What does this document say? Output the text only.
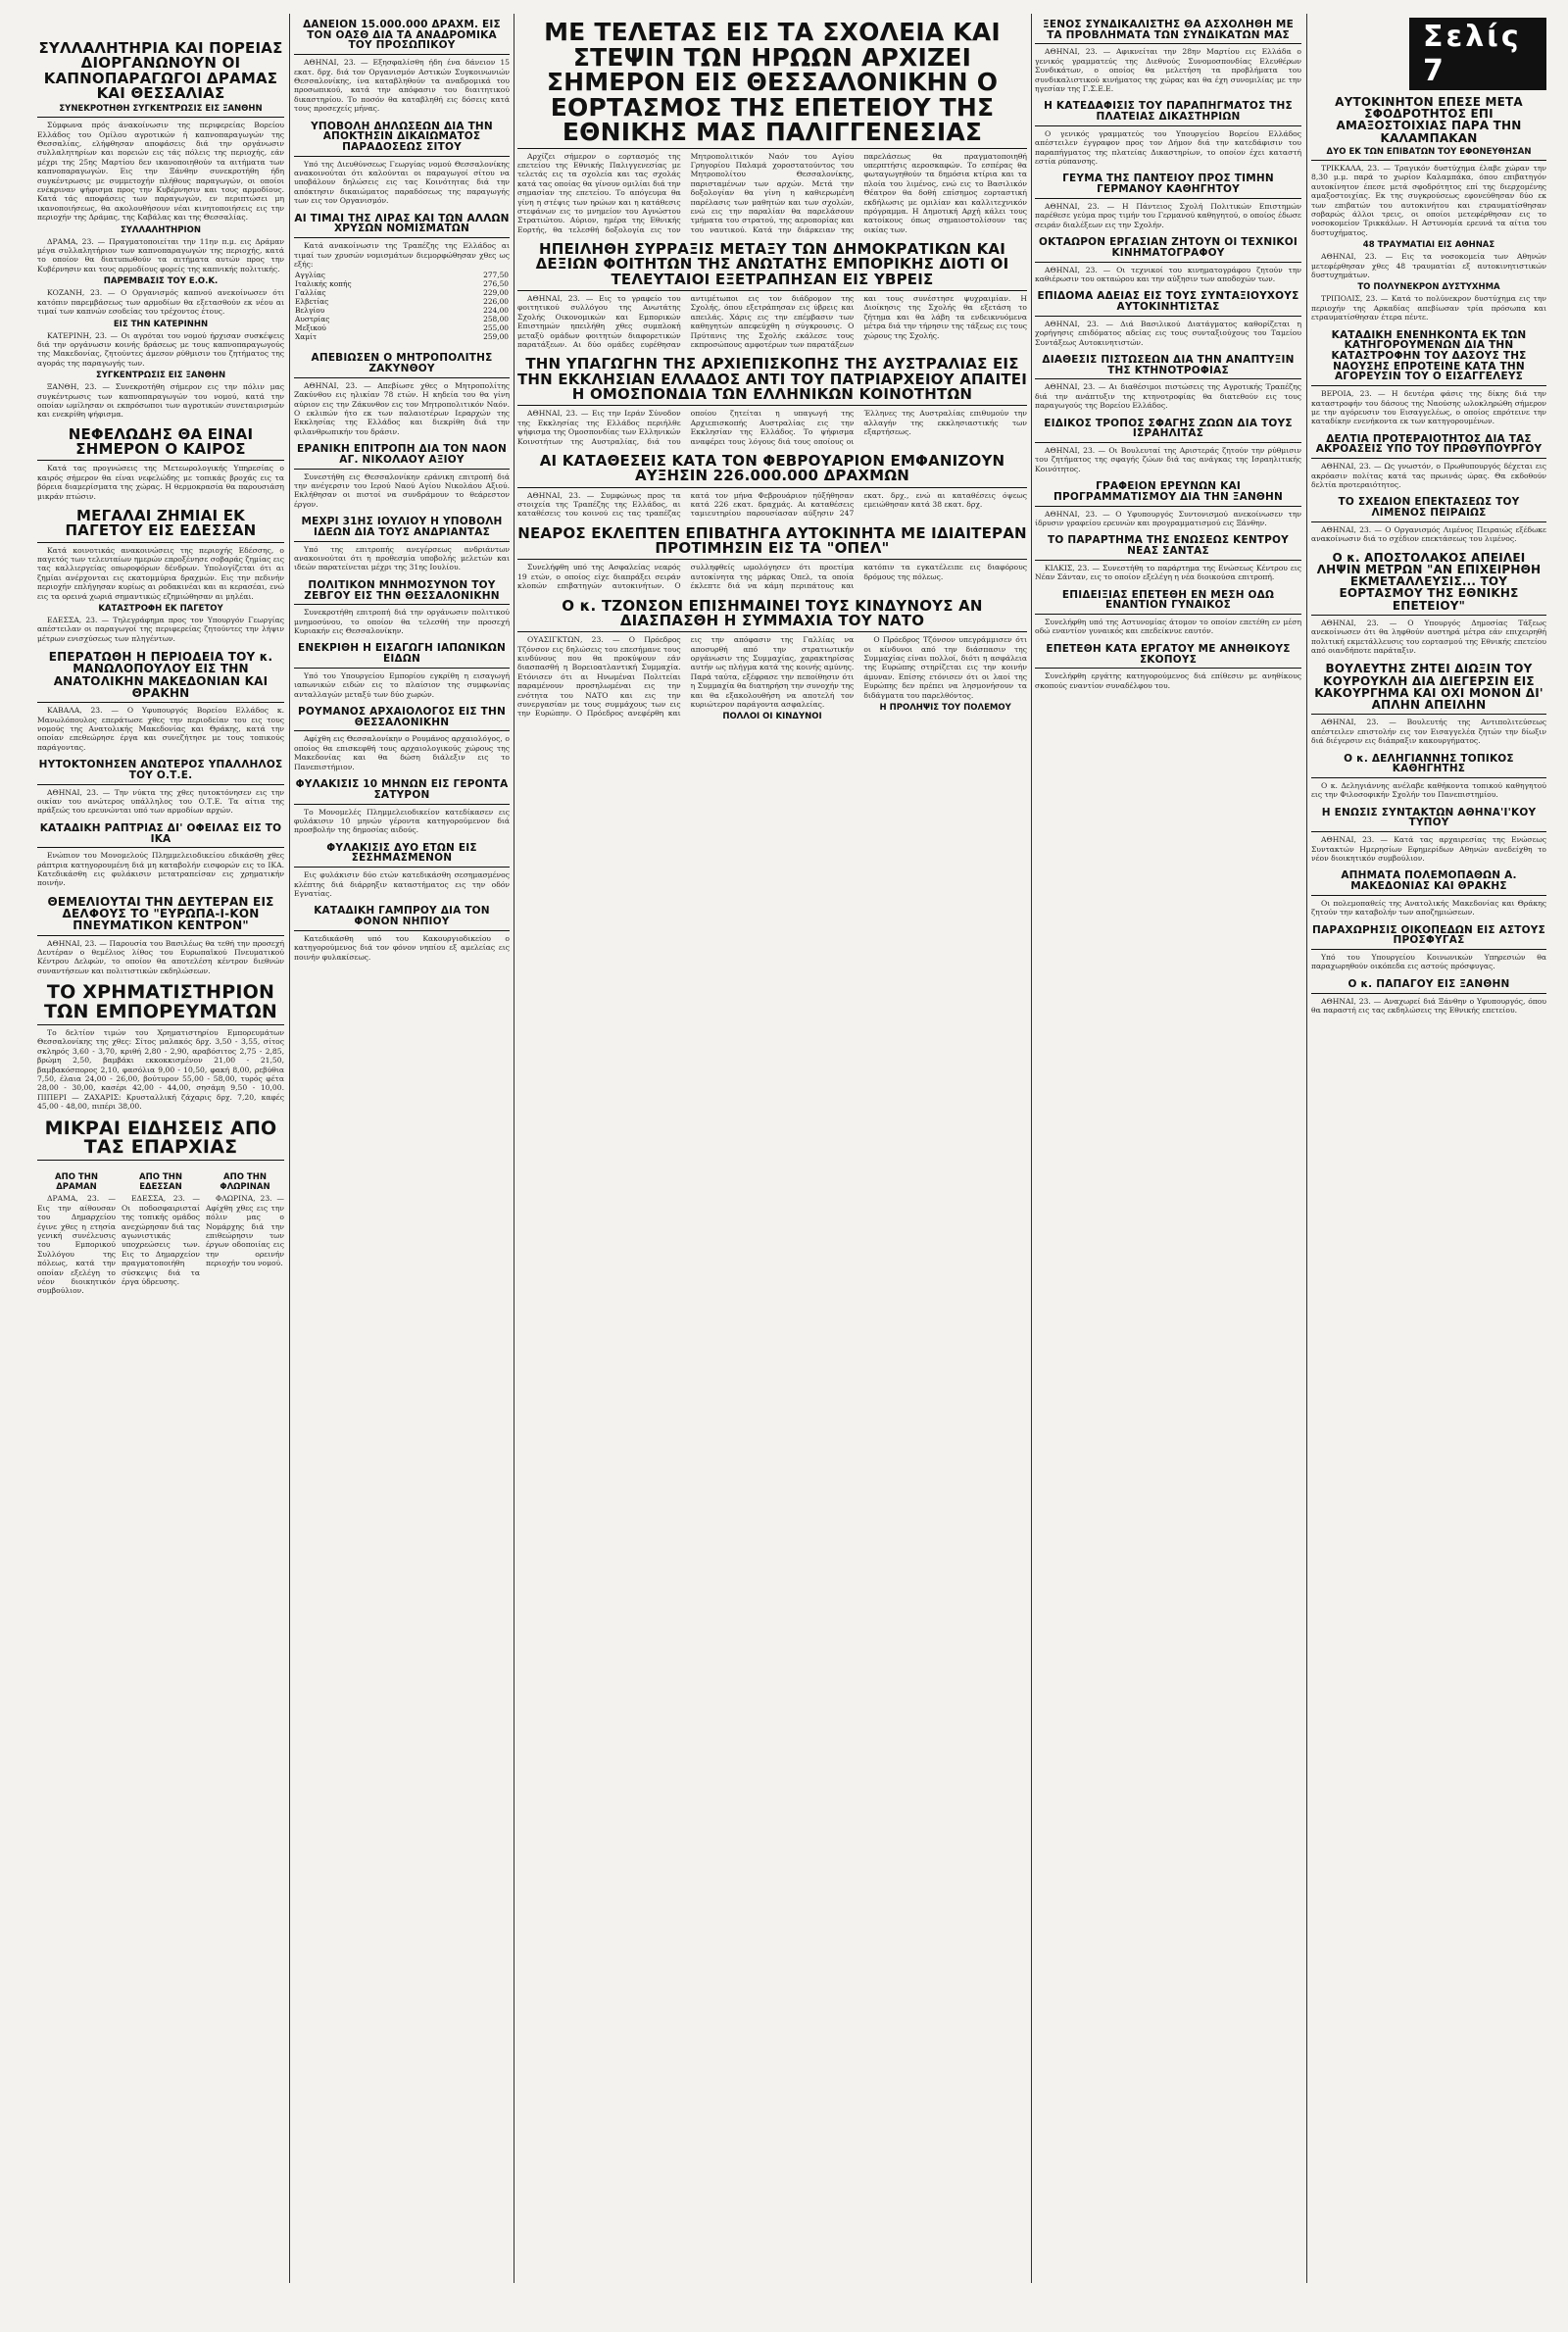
ΣΥΛΛΑΛΗΤΗΡΙΑ ΚΑΙ ΠΟΡΕΙΑΣ ΔΙΟΡΓΑΝΩΝΟΥΝ ΟΙ ΚΑΠΝΟΠΑΡΑΓΩΓΟΙ ΔΡΑΜΑΣ ΚΑΙ ΘΕΣΣΑΛΙΑΣ
ΣΥΝΕΚΡΟΤΗΘΗ ΣΥΓΚΕΝΤΡΩΣΙΣ ΕΙΣ ΞΑΝΘΗΝ

Σύμφωνα πρός άνακοίνωσιν της περιφερείας Βορείου Ελλάδος του Ομίλου αγροτικών ή καπνοπαραγωγών της Θεσσαλίας, ελήφθησαν αποφάσεις διά την οργάνωσιν συλλαλητηρίων και πορειών εις τάς πόλεις της περιοχής, εάν μέχρι της 25ης Μαρτίου δεν ικανοποιηθούν τα αιτήματα των καπνοπαραγωγών. Εις την Ξάνθην συνεκροτήθη ήδη συγκέντρωσις με συμμετοχήν πλήθους παραγωγών, οι οποίοι ενέκριναν ψήφισμα προς την Κυβέρνησιν και τους αρμοδίους. Κατά τάς αποφάσεις των παραγωγών, εν περιπτώσει μη ικανοποιήσεως, θα ακολουθήσουν νέαι κινητοποιήσεις εις την περιοχήν της Δράμας, της Καβάλας και της Θεσσαλίας.

ΣΥΛΛΑΛΗΤΗΡΙΟΝ

ΔΡΑΜΑ, 23. — Πραγματοποιείται την 11ην π.μ. εις Δράμαν μέγα συλλαλητήριον των καπνοπαραγωγών της περιοχής, κατά το οποίον θα διατυπωθούν τα αιτήματα αυτών προς την Κυβέρνησιν και τους αρμοδίους φορείς της καπνικής πολιτικής.

ΠΑΡΕΜΒΑΣΙΣ ΤΟΥ Ε.Ο.Κ.

ΚΟΖΑΝΗ, 23. — Ο Οργανισμός καπνού ανεκοίνωσεν ότι κατόπιν παρεμβάσεως των αρμοδίων θα εξετασθούν εκ νέου αι τιμαί των καπνών εσοδείας του τρέχοντος έτους.

ΕΙΣ ΤΗΝ ΚΑΤΕΡΙΝΗΝ

ΚΑΤΕΡΙΝΗ, 23. — Οι αγρόται του νομού ήρχισαν συσκέψεις διά την οργάνωσιν κοινής δράσεως με τους καπνοπαραγωγούς της Μακεδονίας, ζητούντες άμεσον ρύθμισιν του ζητήματος της αγοράς της παραγωγής των.

ΣΥΓΚΕΝΤΡΩΣΙΣ ΕΙΣ ΞΑΝΘΗΝ

ΞΑΝΘΗ, 23. — Συνεκροτήθη σήμερον εις την πόλιν μας συγκέντρωσις των καπνοπαραγωγών του νομού, κατά την οποίαν ωμίλησαν οι εκπρόσωποι των αγροτικών συνεταιρισμών και ενεκρίθη ψήφισμα.

ΝΕΦΕΛΩΔΗΣ ΘΑ ΕΙΝΑΙ ΣΗΜΕΡΟΝ Ο ΚΑΙΡΟΣ

Κατά τας προγνώσεις της Μετεωρολογικής Υπηρεσίας ο καιρός σήμερον θα είναι νεφελώδης με τοπικάς βροχάς εις τα βόρεια διαμερίσματα της χώρας. Η θερμοκρασία θα παρουσιάση μικράν πτώσιν.

ΜΕΓΑΛΑΙ ΖΗΜΙΑΙ ΕΚ ΠΑΓΕΤΟΥ ΕΙΣ ΕΔΕΣΣΑΝ

Κατά κοινοτικάς ανακοινώσεις της περιοχής Εδέσσης, ο παγετός των τελευταίων ημερών επροξένησε σοβαράς ζημίας εις τας καλλιεργείας οπωροφόρων δένδρων. Υπολογίζεται ότι αι ζημίαι ανέρχονται εις εκατομμύρια δραχμών. Εις την πεδινήν περιοχήν επλήγησαν κυρίως αι ροδακινέαι και αι κερασέαι, ενώ εις τα ορεινά χωριά σημαντικώς εζημιώθησαν αι μηλέαι.

ΚΑΤΑΣΤΡΟΦΗ ΕΚ ΠΑΓΕΤΟΥ

ΕΔΕΣΣΑ, 23. — Τηλεγράφημα προς τον Υπουργόν Γεωργίας απέστειλαν οι παραγωγοί της περιφερείας ζητούντες την λήψιν μέτρων ενισχύσεως των πληγέντων.

ΕΠΕΡΑΤΩΘΗ Η ΠΕΡΙΟΔΕΙΑ ΤΟΥ κ. ΜΑΝΩΛΟΠΟΥΛΟΥ ΕΙΣ ΤΗΝ ΑΝΑΤΟΛΙΚΗΝ ΜΑΚΕΔΟΝΙΑΝ ΚΑΙ ΘΡΑΚΗΝ

ΚΑΒΑΛΑ, 23. — Ο Υφυπουργός Βορείου Ελλάδος κ. Μανωλόπουλος επεράτωσε χθες την περιοδείαν του εις τους νομούς της Ανατολικής Μακεδονίας και Θράκης, κατά την οποίαν επεθεώρησε έργα και συνεζήτησε με τους τοπικούς παράγοντας.

ΗΥΤΟΚΤΟΝΗΣΕΝ ΑΝΩΤΕΡΟΣ ΥΠΑΛΛΗΛΟΣ ΤΟΥ Ο.Τ.Ε.

ΑΘΗΝΑΙ, 23. — Την νύκτα της χθες ηυτοκτόνησεν εις την οικίαν του ανώτερος υπάλληλος του Ο.Τ.Ε. Τα αίτια της πράξεώς του ερευνώνται υπό των αρμοδίων αρχών.

ΚΑΤΑΔΙΚΗ ΡΑΠΤΡΙΑΣ ΔΙ' ΟΦΕΙΛΑΣ ΕΙΣ ΤΟ ΙΚΑ

Ενώπιον του Μονομελούς Πλημμελειοδικείου εδικάσθη χθες ράπτρια κατηγορουμένη διά μη καταβολήν εισφορών εις το ΙΚΑ. Κατεδικάσθη εις φυλάκισιν μετατραπείσαν εις χρηματικήν ποινήν.

ΘΕΜΕΛΙΟΥΤΑΙ ΤΗΝ ΔΕΥΤΕΡΑΝ ΕΙΣ ΔΕΛΦΟΥΣ ΤΟ "ΕΥΡΩΠΑ-Ι-ΚΟΝ ΠΝΕΥΜΑΤΙΚΟΝ ΚΕΝΤΡΟΝ"

ΑΘΗΝΑΙ, 23. — Παρουσία του Βασιλέως θα τεθή την προσεχή Δευτέραν ο θεμέλιος λίθος του Ευρωπαϊκού Πνευματικού Κέντρου Δελφών, το οποίον θα αποτελέση κέντρον διεθνών συναντήσεων και πολιτιστικών εκδηλώσεων.

ΤΟ ΧΡΗΜΑΤΙΣΤΗΡΙΟΝ ΤΩΝ ΕΜΠΟΡΕΥΜΑΤΩΝ

Το δελτίον τιμών του Χρηματιστηρίου Εμπορευμάτων Θεσσαλονίκης της χθες: Σίτος μαλακός δρχ. 3,50 - 3,55, σίτος σκληρός 3,60 - 3,70, κριθή 2,80 - 2,90, αραβόσιτος 2,75 - 2,85, βρώμη 2,50, βαμβάκι εκκοκκισμένον 21,00 - 21,50, βαμβακόσπορος 2,10, φασόλια 9,00 - 10,50, φακή 8,00, ρεβύθια 7,50, έλαια 24,00 - 26,00, βούτυρον 55,00 - 58,00, τυρός φέτα 28,00 - 30,00, κασέρι 42,00 - 44,00, σησάμη 9,50 - 10,00. ΠΙΠΕΡΙ — ΖΑΧΑΡΙΣ: Κρυσταλλική ζάχαρις δρχ. 7,20, καφές 45,00 - 48,00, πιπέρι 38,00.

ΜΙΚΡΑΙ ΕΙΔΗΣΕΙΣ ΑΠΟ ΤΑΣ ΕΠΑΡΧΙΑΣ
ΑΠΟ ΤΗΝ ΔΡΑΜΑΝ

ΔΡΑΜΑ, 23. — Εις την αίθουσαν του Δημαρχείου έγινε χθες η ετησία γενική συνέλευσις του Εμπορικού Συλλόγου της πόλεως, κατά την οποίαν εξελέγη το νέον διοικητικόν συμβούλιον.

ΑΠΟ ΤΗΝ ΕΔΕΣΣΑΝ

ΕΔΕΣΣΑ, 23. — Οι ποδοσφαιρισταί της τοπικής ομάδος ανεχώρησαν διά τας αγωνιστικάς υποχρεώσεις των. Εις το Δημαρχείον πραγματοποιήθη σύσκεψις διά τα έργα ύδρευσης.

ΑΠΟ ΤΗΝ ΦΛΩΡΙΝΑΝ

ΦΛΩΡΙΝΑ, 23. — Αφίχθη χθες εις την πόλιν μας ο Νομάρχης διά την επιθεώρησιν των έργων οδοποιίας εις την ορεινήν περιοχήν του νομού.

ΔΑΝΕΙΟΝ 15.000.000 ΔΡΑΧΜ. ΕΙΣ ΤΟΝ ΟΑΣΘ ΔΙΑ ΤΑ ΑΝΑΔΡΟΜΙΚΑ ΤΟΥ ΠΡΟΣΩΠΙΚΟΥ

ΑΘΗΝΑΙ, 23. — Εξησφαλίσθη ήδη ένα δάνειον 15 εκατ. δρχ. διά τον Οργανισμόν Αστικών Συγκοινωνιών Θεσσαλονίκης, ίνα καταβληθούν τα αναδρομικά του προσωπικού, κατά την απόφασιν του διαιτητικού δικαστηρίου. Το ποσόν θα καταβληθή εις δόσεις κατά τους προσεχείς μήνας.

ΥΠΟΒΟΛΗ ΔΗΛΩΣΕΩΝ ΔΙΑ ΤΗΝ ΑΠΟΚΤΗΣΙΝ ΔΙΚΑΙΩΜΑΤΟΣ ΠΑΡΑΔΟΣΕΩΣ ΣΙΤΟΥ

Υπό της Διευθύνσεως Γεωργίας νομού Θεσσαλονίκης ανακοινούται ότι καλούνται οι παραγωγοί σίτου να υποβάλουν δηλώσεις εις τας Κοινότητας διά την απόκτησιν δικαιώματος παραδόσεως της παραγωγής των εις τον Οργανισμόν.

ΑΙ ΤΙΜΑΙ ΤΗΣ ΛΙΡΑΣ ΚΑΙ ΤΩΝ ΑΛΛΩΝ ΧΡΥΣΩΝ ΝΟΜΙΣΜΑΤΩΝ

Κατά ανακοίνωσιν της Τραπέζης της Ελλάδος αι τιμαί των χρυσών νομισμάτων διεμορφώθησαν χθες ως εξής:

Αγγλίας	277,50
Ιταλικής κοπής	276,50
Γαλλίας	229,00
Ελβετίας	226,00
Βελγίου	224,00
Αυστρίας	258,00
Μεξικού	255,00
Χαμίτ	259,00
ΑΠΕΒΙΩΣΕΝ Ο ΜΗΤΡΟΠΟΛΙΤΗΣ ΖΑΚΥΝΘΟΥ

ΑΘΗΝΑΙ, 23. — Απεβίωσε χθες ο Μητροπολίτης Ζακύνθου εις ηλικίαν 78 ετών. Η κηδεία του θα γίνη αύριον εις την Ζάκυνθον εις τον Μητροπολιτικόν Ναόν. Ο εκλιπών ήτο εκ των παλαιοτέρων Ιεραρχών της Εκκλησίας της Ελλάδος και διεκρίθη διά την φιλανθρωπικήν του δράσιν.

ΕΡΑΝΙΚΗ ΕΠΙΤΡΟΠΗ ΔΙΑ ΤΟΝ ΝΑΟΝ ΑΓ. ΝΙΚΟΛΑΟΥ ΑΞΙΟΥ

Συνεστήθη εις Θεσσαλονίκην εράνικη επιτροπή διά την ανέγερσιν του Ιερού Ναού Αγίου Νικολάου Αξιού. Εκλήθησαν οι πιστοί να συνδράμουν το θεάρεστον έργον.

ΜΕΧΡΙ 31ΗΣ ΙΟΥΛΙΟΥ Η ΥΠΟΒΟΛΗ ΙΔΕΩΝ ΔΙΑ ΤΟΥΣ ΑΝΔΡΙΑΝΤΑΣ

Υπό της επιτροπής ανεγέρσεως ανδριάντων ανακοινούται ότι η προθεσμία υποβολής μελετών και ιδεών παρατείνεται μέχρι της 31ης Ιουλίου.

ΠΟΛΙΤΙΚΟΝ ΜΝΗΜΟΣΥΝΟΝ ΤΟΥ ΖΕΒΓΟΥ ΕΙΣ ΤΗΝ ΘΕΣΣΑΛΟΝΙΚΗΝ

Συνεκροτήθη επιτροπή διά την οργάνωσιν πολιτικού μνημοσύνου, το οποίον θα τελεσθή την προσεχή Κυριακήν εις Θεσσαλονίκην.

ΕΝΕΚΡΙΘΗ Η ΕΙΣΑΓΩΓΗ ΙΑΠΩΝΙΚΩΝ ΕΙΔΩΝ

Υπό του Υπουργείου Εμπορίου εγκρίθη η εισαγωγή ιαπωνικών ειδών εις το πλαίσιον της συμφωνίας ανταλλαγών μεταξύ των δύο χωρών.

ΡΟΥΜΑΝΟΣ ΑΡΧΑΙΟΛΟΓΟΣ ΕΙΣ ΤΗΝ ΘΕΣΣΑΛΟΝΙΚΗΝ

Αφίχθη εις Θεσσαλονίκην ο Ρουμάνος αρχαιολόγος, ο οποίος θα επισκεφθή τους αρχαιολογικούς χώρους της Μακεδονίας και θα δώση διάλεξιν εις το Πανεπιστήμιον.

ΦΥΛΑΚΙΣΙΣ 10 ΜΗΝΩΝ ΕΙΣ ΓΕΡΟΝΤΑ ΣΑΤΥΡΟΝ

Το Μονομελές Πλημμελειοδικείον κατεδίκασεν εις φυλάκισιν 10 μηνών γέροντα κατηγορούμενον διά προσβολήν της δημοσίας αιδούς.

ΦΥΛΑΚΙΣΙΣ ΔΥΟ ΕΤΩΝ ΕΙΣ ΣΕΣΗΜΑΣΜΕΝΟΝ

Εις φυλάκισιν δύο ετών κατεδικάσθη σεσημασμένος κλέπτης διά διάρρηξιν καταστήματος εις την οδόν Εγνατίας.

ΚΑΤΑΔΙΚΗ ΓΑΜΠΡΟΥ ΔΙΑ ΤΟΝ ΦΟΝΟΝ ΝΗΠΙΟΥ

Κατεδικάσθη υπό του Κακουργιοδικείου ο κατηγορούμενος διά τον φόνον νηπίου εξ αμελείας εις ποινήν φυλακίσεως.

ΜΕ ΤΕΛΕΤΑΣ ΕΙΣ ΤΑ ΣΧΟΛΕΙΑ ΚΑΙ ΣΤΕΨΙΝ ΤΩΝ ΗΡΩΩΝ ΑΡΧΙΖΕΙ ΣΗΜΕΡΟΝ ΕΙΣ ΘΕΣΣΑΛΟΝΙΚΗΝ Ο ΕΟΡΤΑΣΜΟΣ ΤΗΣ ΕΠΕΤΕΙΟΥ ΤΗΣ ΕΘΝΙΚΗΣ ΜΑΣ ΠΑΛΙΓΓΕΝΕΣΙΑΣ

Αρχίζει σήμερον ο εορτασμός της επετείου της Εθνικής Παλιγγενεσίας με τελετάς εις τα σχολεία και τας σχολάς κατά τας οποίας θα γίνουν ομιλίαι διά την σημασίαν της επετείου. Το απόγευμα θα γίνη η στέψις των ηρώων και η κατάθεσις στεφάνων εις το μνημείον του Αγνώστου Στρατιώτου. Αύριον, ημέρα της Εθνικής Εορτής, θα τελεσθή δοξολογία εις τον Μητροπολιτικόν Ναόν του Αγίου Γρηγορίου Παλαμά χοροστατούντος του Μητροπολίτου Θεσσαλονίκης, παρισταμένων των αρχών. Μετά την δοξολογίαν θα γίνη η καθιερωμένη παρέλασις των μαθητών και των σχολών, ενώ εις την παραλίαν θα παρελάσουν τμήματα του στρατού, της αεροπορίας και του ναυτικού. Κατά την διάρκειαν της παρελάσεως θα πραγματοποιηθή υπερπτήσις αεροσκαφών. Το εσπέρας θα φωταγωγηθούν τα δημόσια κτίρια και τα πλοία του λιμένος, ενώ εις το Βασιλικόν Θέατρον θα δοθή επίσημος εορταστική εκδήλωσις με ομιλίαν και καλλιτεχνικόν πρόγραμμα. Η Δημοτική Αρχή κάλει τους κατοίκους όπως σημαιοστολίσουν τας οικίας των.

ΗΠΕΙΛΗΘΗ ΣΥΡΡΑΞΙΣ ΜΕΤΑΞΥ ΤΩΝ ΔΗΜΟΚΡΑΤΙΚΩΝ ΚΑΙ ΔΕΞΙΩΝ ΦΟΙΤΗΤΩΝ ΤΗΣ ΑΝΩΤΑΤΗΣ ΕΜΠΟΡΙΚΗΣ ΔΙΟΤΙ ΟΙ ΤΕΛΕΥΤΑΙΟΙ ΕΞΕΤΡΑΠΗΣΑΝ ΕΙΣ ΥΒΡΕΙΣ

ΑΘΗΝΑΙ, 23. — Εις το γραφείο του φοιτητικού συλλόγου της Ανωτάτης Σχολής Οικονομικών και Εμπορικών Επιστημών ηπειλήθη χθες συμπλοκή μεταξύ ομάδων φοιτητών διαφορετικών παρατάξεων. Αι δύο ομάδες ευρέθησαν αντιμέτωποι εις τον διάδρομον της Σχολής, όπου εξετράπησαν εις ύβρεις και απειλάς. Χάρις εις την επέμβασιν των καθηγητών απεφεύχθη η σύγκρουσις. Ο Πρύτανις της Σχολής εκάλεσε τους εκπροσώπους αμφοτέρων των παρατάξεων και τους συνέστησε ψυχραιμίαν. Η Διοίκησις της Σχολής θα εξετάση το ζήτημα και θα λάβη τα ενδεικνυόμενα μέτρα διά την τήρησιν της τάξεως εις τους χώρους της Σχολής.

ΤΗΝ ΥΠΑΓΩΓΗΝ ΤΗΣ ΑΡΧΙΕΠΙΣΚΟΠΗΣ ΤΗΣ ΑΥΣΤΡΑΛΙΑΣ ΕΙΣ ΤΗΝ ΕΚΚΛΗΣΙΑΝ ΕΛΛΑΔΟΣ ΑΝΤΙ ΤΟΥ ΠΑΤΡΙΑΡΧΕΙΟΥ ΑΠΑΙΤΕΙ Η ΟΜΟΣΠΟΝΔΙΑ ΤΩΝ ΕΛΛΗΝΙΚΩΝ ΚΟΙΝΟΤΗΤΩΝ

ΑΘΗΝΑΙ, 23. — Εις την Ιεράν Σύνοδον της Εκκλησίας της Ελλάδος περιήλθε ψήφισμα της Ομοσπονδίας των Ελληνικών Κοινοτήτων της Αυστραλίας, διά του οποίου ζητείται η υπαγωγή της Αρχιεπισκοπής Αυστραλίας εις την Εκκλησίαν της Ελλάδος. Το ψήφισμα αναφέρει τους λόγους διά τους οποίους οι Έλληνες της Αυστραλίας επιθυμούν την αλλαγήν της εκκλησιαστικής των εξαρτήσεως.

ΑΙ ΚΑΤΑΘΕΣΕΙΣ ΚΑΤΑ ΤΟΝ ΦΕΒΡΟΥΑΡΙΟΝ ΕΜΦΑΝΙΖΟΥΝ ΑΥΞΗΣΙΝ 226.000.000 ΔΡΑΧΜΩΝ

ΑΘΗΝΑΙ, 23. — Συμφώνως προς τα στοιχεία της Τραπέζης της Ελλάδος, αι καταθέσεις του κοινού εις τας τραπέζας κατά τον μήνα Φεβρουάριον ηύξήθησαν κατά 226 εκατ. δραχμάς. Αι καταθέσεις ταμιευτηρίου παρουσίασαν αύξησιν 247 εκατ. δρχ., ενώ αι καταθέσεις όψεως εμειώθησαν κατά 38 εκατ. δρχ.

ΝΕΑΡΟΣ ΕΚΛΕΠΤΕΝ ΕΠΙΒΑΤΗΓΑ ΑΥΤΟΚΙΝΗΤΑ ΜΕ ΙΔΙΑΙΤΕΡΑΝ ΠΡΟΤΙΜΗΣΙΝ ΕΙΣ ΤΑ "ΟΠΕΛ"

Συνελήφθη υπό της Ασφαλείας νεαρός 19 ετών, ο οποίος είχε διαπράξει σειράν κλοπών επιβατηγών αυτοκινήτων. Ο συλληφθείς ωμολόγησεν ότι προετίμα αυτοκίνητα της μάρκας Όπελ, τα οποία έκλεπτε διά να κάμη περιπάτους και κατόπιν τα εγκατέλειπε εις διαφόρους δρόμους της πόλεως.

Ο κ. ΤΖΟΝΣΟΝ ΕΠΙΣΗΜΑΙΝΕΙ ΤΟΥΣ ΚΙΝΔΥΝΟΥΣ ΑΝ ΔΙΑΣΠΑΣΘΗ Η ΣΥΜΜΑΧΙΑ ΤΟΥ ΝΑΤΟ

ΟΥΑΣΙΓΚΤΩΝ, 23. — Ο Πρόεδρος Τζόνσον εις δηλώσεις του επεσήμανε τους κινδύνους που θα προκύψουν εάν διασπασθή η Βορειοατλαντική Συμμαχία. Ετόνισεν ότι αι Ηνωμέναι Πολιτείαι παραμένουν προσηλωμέναι εις την ενότητα του ΝΑΤΟ και εις την συνεργασίαν με τους συμμάχους των εις την Ευρώπην. Ο Πρόεδρος ανεφέρθη και εις την απόφασιν της Γαλλίας να αποσυρθή από την στρατιωτικήν οργάνωσιν της Συμμαχίας, χαρακτηρίσας αυτήν ως πλήγμα κατά της κοινής αμύνης. Παρά ταύτα, εξέφρασε την πεποίθησιν ότι η Συμμαχία θα διατηρήση την συνοχήν της και θα εξακολουθήση να αποτελή τον κυριώτερον παράγοντα ασφαλείας.

ΠΟΛΛΟΙ ΟΙ ΚΙΝΔΥΝΟΙ

Ο Πρόεδρος Τζόνσον υπεγράμμισεν ότι οι κίνδυνοι από την διάσπασιν της Συμμαχίας είναι πολλοί, διότι η ασφάλεια της Ευρώπης στηρίζεται εις την κοινήν άμυναν. Επίσης ετόνισεν ότι οι λαοί της Ευρώπης δεν πρέπει να λησμονήσουν τα διδάγματα του παρελθόντος.

Η ΠΡΟΛΗΨΙΣ ΤΟΥ ΠΟΛΕΜΟΥ
ΞΕΝΟΣ ΣΥΝΔΙΚΑΛΙΣΤΗΣ ΘΑ ΑΣΧΟΛΗΘΗ ΜΕ ΤΑ ΠΡΟΒΛΗΜΑΤΑ ΤΩΝ ΣΥΝΔΙΚΑΤΩΝ ΜΑΣ

ΑΘΗΝΑΙ, 23. — Αφικνείται την 28ην Μαρτίου εις Ελλάδα ο γενικός γραμματεύς της Διεθνούς Συνομοσπονδίας Ελευθέρων Συνδικάτων, ο οποίος θα μελετήση τα προβλήματα του συνδικαλιστικού κινήματος της χώρας και θα έχη συνομιλίας με την ηγεσίαν της Γ.Σ.Ε.Ε.

Η ΚΑΤΕΔΑΦΙΣΙΣ ΤΟΥ ΠΑΡΑΠΗΓΜΑΤΟΣ ΤΗΣ ΠΛΑΤΕΙΑΣ ΔΙΚΑΣΤΗΡΙΩΝ

Ο γενικός γραμματεύς του Υπουργείου Βορείου Ελλάδος απέστειλεν έγγραφον προς τον Δήμον διά την κατεδάφισιν του παραπήγματος της πλατείας Δικαστηρίων, το οποίον έχει καταστή εστία ρύπανσης.

ΓΕΥΜΑ ΤΗΣ ΠΑΝΤΕΙΟΥ ΠΡΟΣ ΤΙΜΗΝ ΓΕΡΜΑΝΟΥ ΚΑΘΗΓΗΤΟΥ

ΑΘΗΝΑΙ, 23. — Η Πάντειος Σχολή Πολιτικών Επιστημών παρέθεσε γεύμα προς τιμήν του Γερμανού καθηγητού, ο οποίος έδωσε σειράν διαλέξεων εις την Σχολήν.

ΟΚΤΑΩΡΟΝ ΕΡΓΑΣΙΑΝ ΖΗΤΟΥΝ ΟΙ ΤΕΧΝΙΚΟΙ ΚΙΝΗΜΑΤΟΓΡΑΦΟΥ

ΑΘΗΝΑΙ, 23. — Οι τεχνικοί του κινηματογράφου ζητούν την καθιέρωσιν του οκταώρου και την αύξησιν των αποδοχών των.

ΕΠΙΔΟΜΑ ΑΔΕΙΑΣ ΕΙΣ ΤΟΥΣ ΣΥΝΤΑΞΙΟΥΧΟΥΣ ΑΥΤΟΚΙΝΗΤΙΣΤΑΣ

ΑΘΗΝΑΙ, 23. — Διά Βασιλικού Διατάγματος καθορίζεται η χορήγησις επιδόματος αδείας εις τους συνταξιούχους του Ταμείου Συντάξεως Αυτοκινητιστών.

ΔΙΑΘΕΣΙΣ ΠΙΣΤΩΣΕΩΝ ΔΙΑ ΤΗΝ ΑΝΑΠΤΥΞΙΝ ΤΗΣ ΚΤΗΝΟΤΡΟΦΙΑΣ

ΑΘΗΝΑΙ, 23. — Αι διαθέσιμοι πιστώσεις της Αγροτικής Τραπέζης διά την ανάπτυξιν της κτηνοτροφίας θα διατεθούν εις τους παραγωγούς της Βορείου Ελλάδος.

ΕΙΔΙΚΟΣ ΤΡΟΠΟΣ ΣΦΑΓΗΣ ΖΩΩΝ ΔΙΑ ΤΟΥΣ ΙΣΡΑΗΛΙΤΑΣ

ΑΘΗΝΑΙ, 23. — Οι Βουλευταί της Αριστεράς ζητούν την ρύθμισιν του ζητήματος της σφαγής ζώων διά τας ανάγκας της Ισραηλιτικής Κοινότητος.

ΓΡΑΦΕΙΟΝ ΕΡΕΥΝΩΝ ΚΑΙ ΠΡΟΓΡΑΜΜΑΤΙΣΜΟΥ ΔΙΑ ΤΗΝ ΞΑΝΘΗΝ

ΑΘΗΝΑΙ, 23. — Ο Υφυπουργός Συντονισμού ανεκοίνωσεν την ίδρυσιν γραφείου ερευνών και προγραμματισμού εις Ξάνθην.

ΤΟ ΠΑΡΑΡΤΗΜΑ ΤΗΣ ΕΝΩΣΕΩΣ ΚΕΝΤΡΟΥ ΝΕΑΣ ΣΑΝΤΑΣ

ΚΙΛΚΙΣ, 23. — Συνεστήθη το παράρτημα της Ενώσεως Κέντρου εις Νέαν Σάνταν, εις το οποίον εξελέγη η νέα διοικούσα επιτροπή.

ΕΠΙΔΕΙΞΙΑΣ ΕΠΕΤΕΘΗ ΕΝ ΜΕΣΗ ΟΔΩ ΕΝΑΝΤΙΟΝ ΓΥΝΑΙΚΟΣ

Συνελήφθη υπό της Αστυνομίας άτομον το οποίον επετέθη εν μέση οδώ εναντίον γυναικός και επεδείκνυε εαυτόν.

ΕΠΕΤΕΘΗ ΚΑΤΑ ΕΡΓΑΤΟΥ ΜΕ ΑΝΗΘΙΚΟΥΣ ΣΚΟΠΟΥΣ

Συνελήφθη εργάτης κατηγορούμενος διά επίθεσιν με ανηθίκους σκοπούς εναντίον συναδέλφου του.

Σελίς 7
ΑΥΤΟΚΙΝΗΤΟΝ ΕΠΕΣΕ ΜΕΤΑ ΣΦΟΔΡΟΤΗΤΟΣ ΕΠΙ ΑΜΑΞΟΣΤΟΙΧΙΑΣ ΠΑΡΑ ΤΗΝ ΚΑΛΑΜΠΑΚΑΝ
ΔΥΟ ΕΚ ΤΩΝ ΕΠΙΒΑΤΩΝ ΤΟΥ ΕΦΟΝΕΥΘΗΣΑΝ

ΤΡΙΚΚΑΛΑ, 23. — Τραγικόν δυστύχημα έλαβε χώραν την 8,30 μ.μ. παρά το χωρίον Καλαμπάκα, όπου επιβατηγόν αυτοκίνητον έπεσε μετά σφοδρότητος επί της διερχομένης αμαξοστοιχίας. Εκ της συγκρούσεως εφονεύθησαν δύο εκ των επιβατών του αυτοκινήτου και ετραυματίσθησαν σοβαρώς άλλοι τρεις, οι οποίοι μετεφέρθησαν εις το νοσοκομείον Τρικκάλων. Η Αστυνομία ερευνά τα αίτια του δυστυχήματος.

48 ΤΡΑΥΜΑΤΙΑΙ ΕΙΣ ΑΘΗΝΑΣ

ΑΘΗΝΑΙ, 23. — Εις τα νοσοκομεία των Αθηνών μετεφέρθησαν χθες 48 τραυματίαι εξ αυτοκινητιστικών δυστυχημάτων.

ΤΟ ΠΟΛΥΝΕΚΡΟΝ ΔΥΣΤΥΧΗΜΑ

ΤΡΙΠΟΛΙΣ, 23. — Κατά το πολύνεκρον δυστύχημα εις την περιοχήν της Αρκαδίας απεβίωσαν τρία πρόσωπα και ετραυματίσθησαν έτερα πέντε.

ΚΑΤΑΔΙΚΗ ΕΝΕΝΗΚΟΝΤΑ ΕΚ ΤΩΝ ΚΑΤΗΓΟΡΟΥΜΕΝΩΝ ΔΙΑ ΤΗΝ ΚΑΤΑΣΤΡΟΦΗΝ ΤΟΥ ΔΑΣΟΥΣ ΤΗΣ ΝΑΟΥΣΗΣ ΕΠΡΟΤΕΙΝΕ ΚΑΤΑ ΤΗΝ ΑΓΟΡΕΥΣΙΝ ΤΟΥ Ο ΕΙΣΑΓΓΕΛΕΥΣ

ΒΕΡΟΙΑ, 23. — Η δευτέρα φάσις της δίκης διά την καταστροφήν του δάσους της Ναούσης ωλοκληρώθη σήμερον με την αγόρευσιν του Εισαγγελέως, ο οποίος επρότεινε την καταδίκην ενενήκοντα εκ των κατηγορουμένων.

ΔΕΛΤΙΑ ΠΡΟΤΕΡΑΙΟΤΗΤΟΣ ΔΙΑ ΤΑΣ ΑΚΡΟΑΣΕΙΣ ΥΠΟ ΤΟΥ ΠΡΩΘΥΠΟΥΡΓΟΥ

ΑΘΗΝΑΙ, 23. — Ως γνωστόν, ο Πρωθυπουργός δέχεται εις ακρόασιν πολίτας κατά τας πρωινάς ώρας. Θα εκδοθούν δελτία προτεραιότητος.

ΤΟ ΣΧΕΔΙΟΝ ΕΠΕΚΤΑΣΕΩΣ ΤΟΥ ΛΙΜΕΝΟΣ ΠΕΙΡΑΙΩΣ

ΑΘΗΝΑΙ, 23. — Ο Οργανισμός Λιμένος Πειραιώς εξέδωκε ανακοίνωσιν διά το σχέδιον επεκτάσεως του λιμένος.

Ο κ. ΑΠΟΣΤΟΛΑΚΟΣ ΑΠΕΙΛΕΙ ΛΗΨΙΝ ΜΕΤΡΩΝ "ΑΝ ΕΠΙΧΕΙΡΗΘΗ ΕΚΜΕΤΑΛΛΕΥΣΙΣ... ΤΟΥ ΕΟΡΤΑΣΜΟΥ ΤΗΣ ΕΘΝΙΚΗΣ ΕΠΕΤΕΙΟΥ"

ΑΘΗΝΑΙ, 23. — Ο Υπουργός Δημοσίας Τάξεως ανεκοίνωσεν ότι θα ληφθούν αυστηρά μέτρα εάν επιχειρηθή πολιτική εκμετάλλευσις του εορτασμού της Εθνικής επετείου από οιανδήποτε παράταξιν.

ΒΟΥΛΕΥΤΗΣ ΖΗΤΕΙ ΔΙΩΞΙΝ ΤΟΥ ΚΟΥΡΟΥΚΛΗ ΔΙΑ ΔΙΕΓΕΡΣΙΝ ΕΙΣ ΚΑΚΟΥΡΓΗΜΑ ΚΑΙ ΟΧΙ ΜΟΝΟΝ ΔΙ' ΑΠΛΗΝ ΑΠΕΙΛΗΝ

ΑΘΗΝΑΙ, 23. — Βουλευτής της Αντιπολιτεύσεως απέστειλεν επιστολήν εις τον Εισαγγελέα ζητών την δίωξιν διά διέγερσιν εις διάπραξιν κακουργήματος.

Ο κ. ΔΕΛΗΓΙΑΝΝΗΣ ΤΟΠΙΚΟΣ ΚΑΘΗΓΗΤΗΣ

Ο κ. Δεληγιάννης ανέλαβε καθήκοντα τοπικού καθηγητού εις την Φιλοσοφικήν Σχολήν του Πανεπιστημίου.

Η ΕΝΩΣΙΣ ΣΥΝΤΑΚΤΩΝ ΑΘΗΝΑ'Ι'ΚΟΥ ΤΥΠΟΥ

ΑΘΗΝΑΙ, 23. — Κατά τας αρχαιρεσίας της Ενώσεως Συντακτών Ημερησίων Εφημερίδων Αθηνών ανεδείχθη το νέον διοικητικόν συμβούλιον.

ΑΠΗΜΑΤΑ ΠΟΛΕΜΟΠΑΘΩΝ Α. ΜΑΚΕΔΟΝΙΑΣ ΚΑΙ ΘΡΑΚΗΣ

Οι πολεμοπαθείς της Ανατολικής Μακεδονίας και Θράκης ζητούν την καταβολήν των αποζημιώσεων.

ΠΑΡΑΧΩΡΗΣΙΣ ΟΙΚΟΠΕΔΩΝ ΕΙΣ ΑΣΤΟΥΣ ΠΡΟΣΦΥΓΑΣ

Υπό του Υπουργείου Κοινωνικών Υπηρεσιών θα παραχωρηθούν οικόπεδα εις αστούς πρόσφυγας.

Ο κ. ΠΑΠΑΓΟΥ ΕΙΣ ΞΑΝΘΗΝ

ΑΘΗΝΑΙ, 23. — Αναχωρεί διά Ξάνθην ο Υφυπουργός, όπου θα παραστή εις τας εκδηλώσεις της Εθνικής επετείου.
